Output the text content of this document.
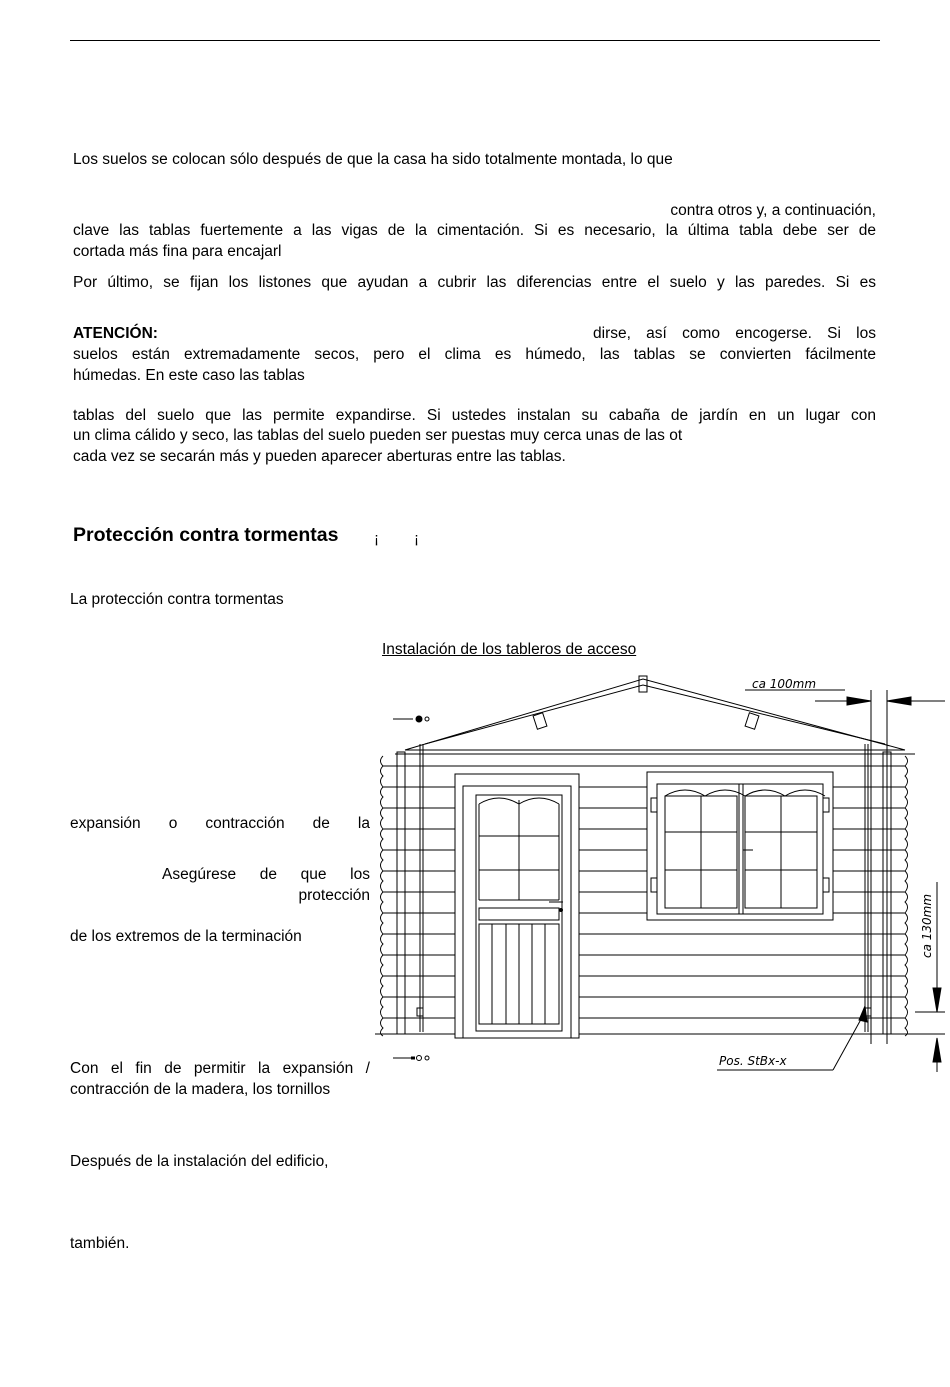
Los suelos se colocan sólo después de que la casa ha sido totalmente montada, lo que

contra otros y, a continuación,

clave las tablas fuertemente a las vigas de la cimentación. Si es necesario, la última tabla debe ser de

cortada más fina para encajarl

Por último, se fijan los listones que ayudan a cubrir las diferencias entre el suelo y las paredes. Si es

ATENCIÓN:	dirse, así como encogerse. Si los

suelos están extremadamente secos, pero el clima es húmedo, las tablas se convierten fácilmente

húmedas. En este caso las tablas

tablas del suelo que las permite expandirse. Si ustedes instalan su cabaña de jardín en un lugar con

un clima cálido y seco, las tablas del suelo pueden ser puestas muy cerca unas de las ot

cada vez se secarán más y pueden aparecer aberturas entre las tablas.

Protección contra tormentas ¡ ¡

La protección contra tormentas

Instalación de los tableros de acceso

expansión o contracción de la

Asegúrese de que los

protección

de los extremos de la terminación

Con el fin de permitir la expansión /

contracción de la madera, los tornillos

Después de la instalación del edificio,

también.

ca 100mm
ca 130mm
Pos. StBx-x
